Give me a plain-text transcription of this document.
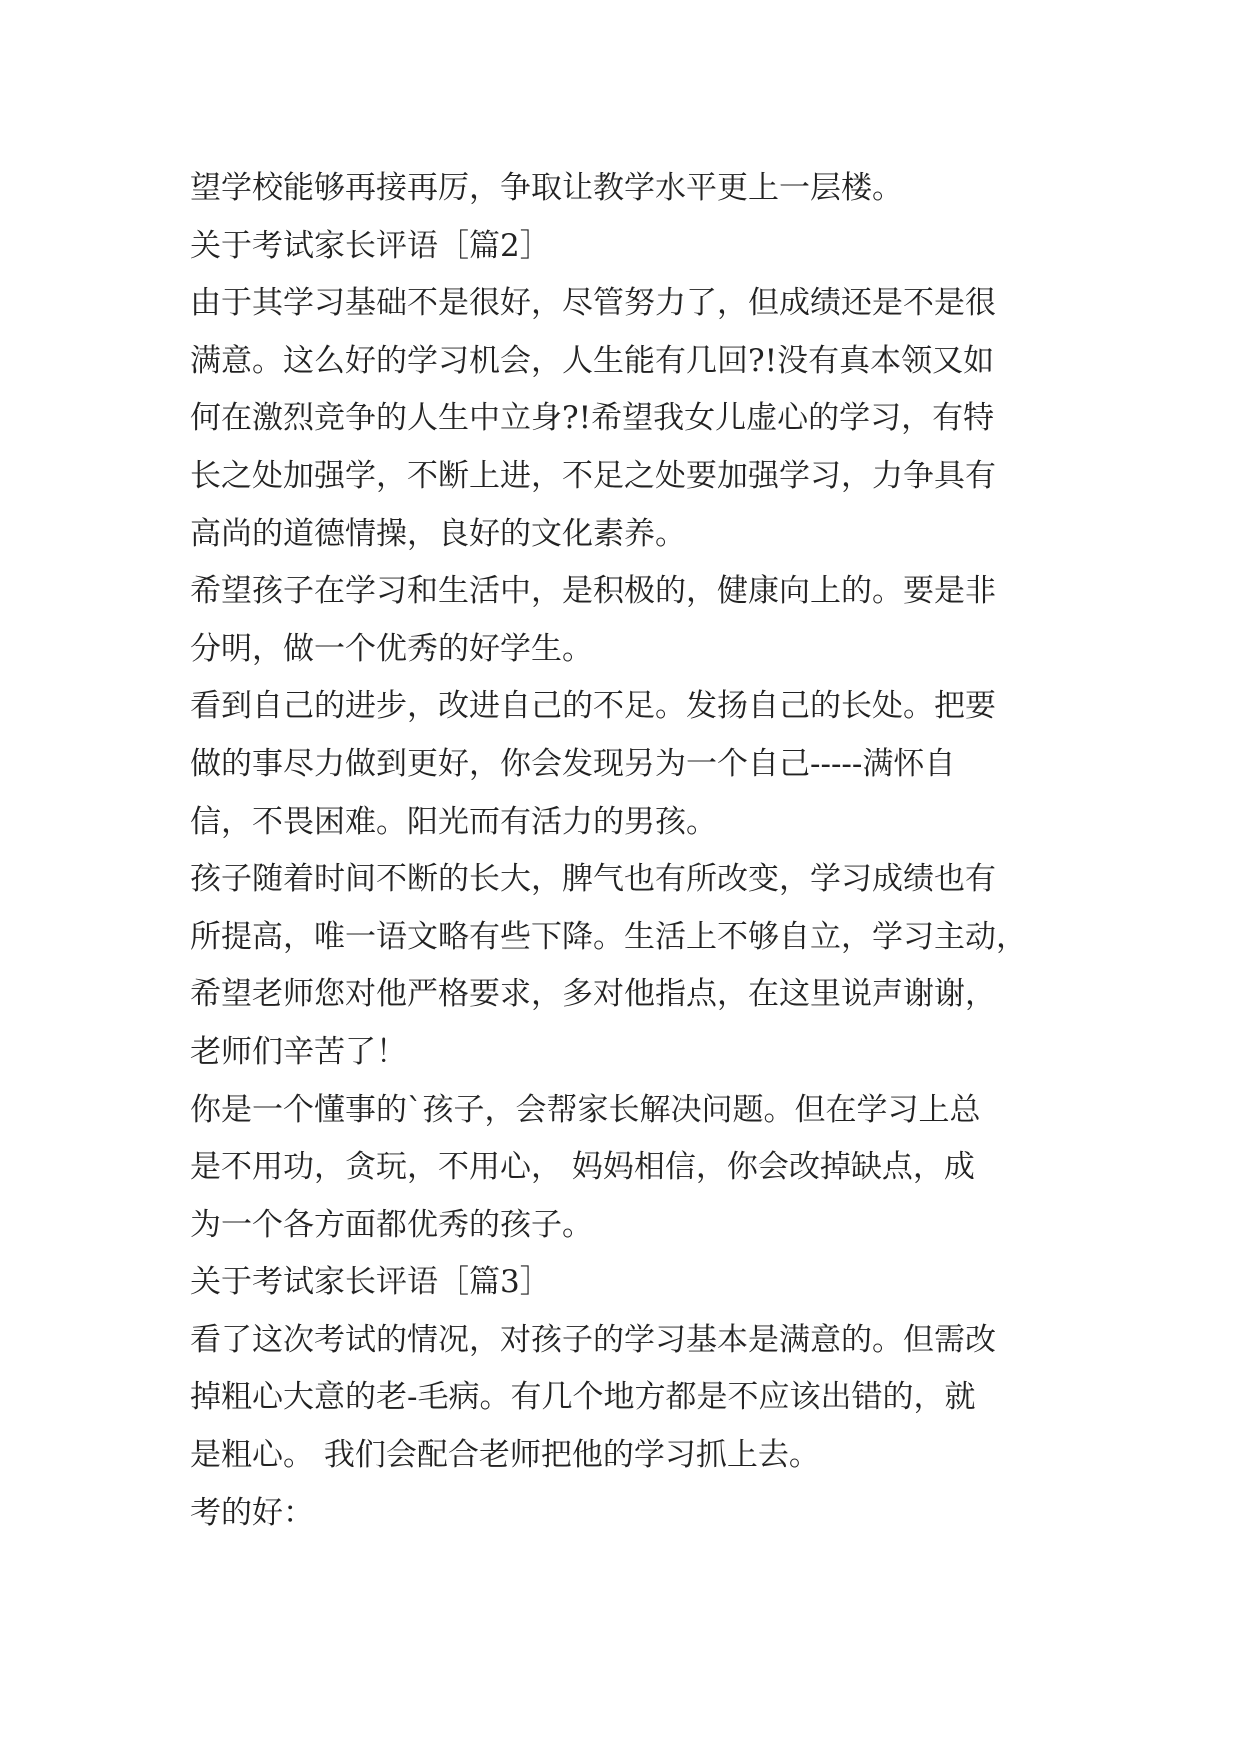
望学校能够再接再厉，争取让教学水平更上一层楼。
关于考试家长评语［篇2］
由于其学习基础不是很好，尽管努力了，但成绩还是不是很
满意。这么好的学习机会，人生能有几回?!没有真本领又如
何在激烈竞争的人生中立身?!希望我女儿虚心的学习，有特
长之处加强学，不断上进，不足之处要加强学习，力争具有
高尚的道德情操，良好的文化素养。
希望孩子在学习和生活中，是积极的，健康向上的。要是非
分明，做一个优秀的好学生。
看到自己的进步，改进自己的不足。发扬自己的长处。把要
做的事尽力做到更好，你会发现另为一个自己-----满怀自
信，不畏困难。阳光而有活力的男孩。
孩子随着时间不断的长大，脾气也有所改变，学习成绩也有
所提高，唯一语文略有些下降。生活上不够自立，学习主动，
希望老师您对他严格要求，多对他指点，在这里说声谢谢，
老师们辛苦了！
你是一个懂事的`孩子，会帮家长解决问题。但在学习上总
是不用功，贪玩，不用心， 妈妈相信，你会改掉缺点，成
为一个各方面都优秀的孩子。
关于考试家长评语［篇3］
看了这次考试的情况，对孩子的学习基本是满意的。但需改
掉粗心大意的老-毛病。有几个地方都是不应该出错的，就
是粗心。 我们会配合老师把他的学习抓上去。
考的好：
